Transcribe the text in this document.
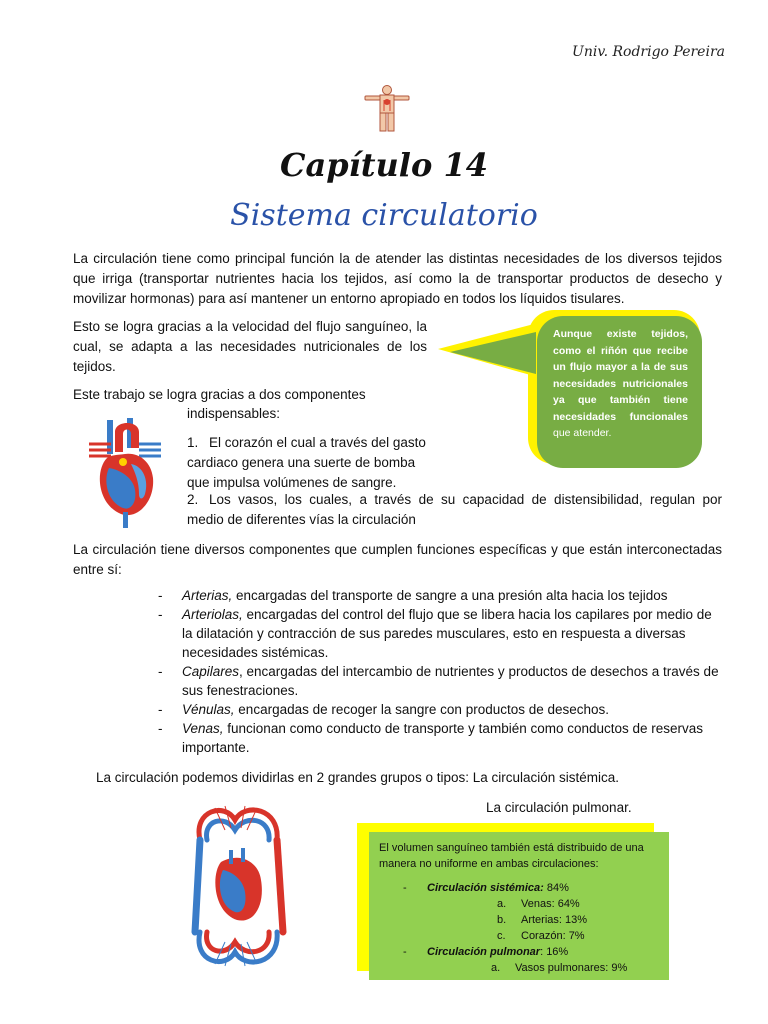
Univ. Rodrigo Pereira
Capítulo 14
Sistema circulatorio

La circulación tiene como principal función la de atender las distintas necesidades de los diversos tejidos que irriga (transportar nutrientes hacia los tejidos, así como la de transportar productos de desecho y movilizar hormonas) para así mantener un entorno apropiado en todos los líquidos tisulares.

Esto se logra gracias a la velocidad del flujo sanguíneo, la cual, se adapta a las necesidades nutricionales de los tejidos.

Este trabajo se logra gracias a dos componentes

indispensables:
Aunque existe tejidos, como el riñón que recibe un flujo mayor a la de sus necesidades nutricionales ya que también tiene necesidades funcionales que atender.
1. El corazón el cual a través del gasto
cardiaco genera una suerte de bomba
que impulsa volúmenes de sangre.
2. Los vasos, los cuales, a través de su capacidad de distensibilidad, regulan por
medio de diferentes vías la circulación

La circulación tiene diversos componentes que cumplen funciones específicas y que están interconectadas entre sí:

-	Arterias, encargadas del transporte de sangre a una presión alta hacia los tejidos
-	Arteriolas, encargadas del control del flujo que se libera hacia los capilares por medio de la dilatación y contracción de sus paredes musculares, esto en respuesta a diversas necesidades sistémicas.
-	Capilares, encargadas del intercambio de nutrientes y productos de desechos a través de sus fenestraciones.
-	Vénulas, encargadas de recoger la sangre con productos de desechos.
-	Venas, funcionan como conducto de transporte y también como conductos de reservas importante.
La circulación podemos dividirlas en 2 grandes grupos o tipos: La circulación sistémica.
La circulación pulmonar.
El volumen sanguíneo también está distribuido de una manera no uniforme en ambas circulaciones:
-	Circulación sistémica: 84%
a.	Venas: 64%
b.	Arterias: 13%
c.	Corazón: 7%
-	Circulación pulmonar: 16%
a.	Vasos pulmonares: 9%
